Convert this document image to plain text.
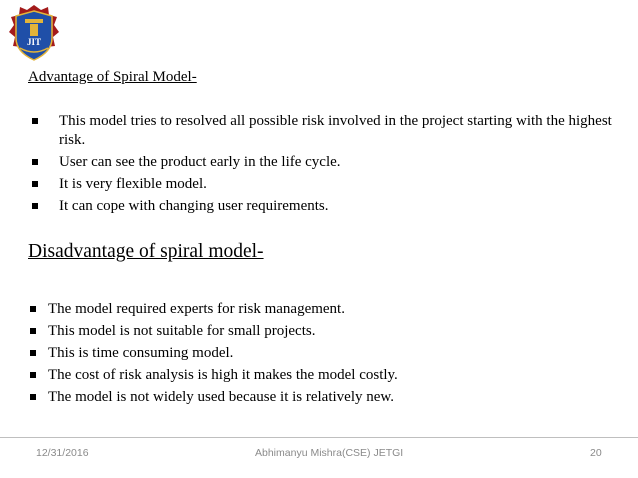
JIT
Advantage of Spiral Model-
This model tries to resolved all possible risk involved in the project starting with the highest risk.
User can see the product early in the life cycle.
It is very flexible model.
It can cope with changing user requirements.
Disadvantage of spiral model-
The model required experts for risk management.
This model is not suitable for small projects.
This is time consuming model.
The cost of risk analysis is high it makes the model costly.
The model is not widely used because it is relatively new.
12/31/2016	Abhimanyu Mishra(CSE) JETGI	20
